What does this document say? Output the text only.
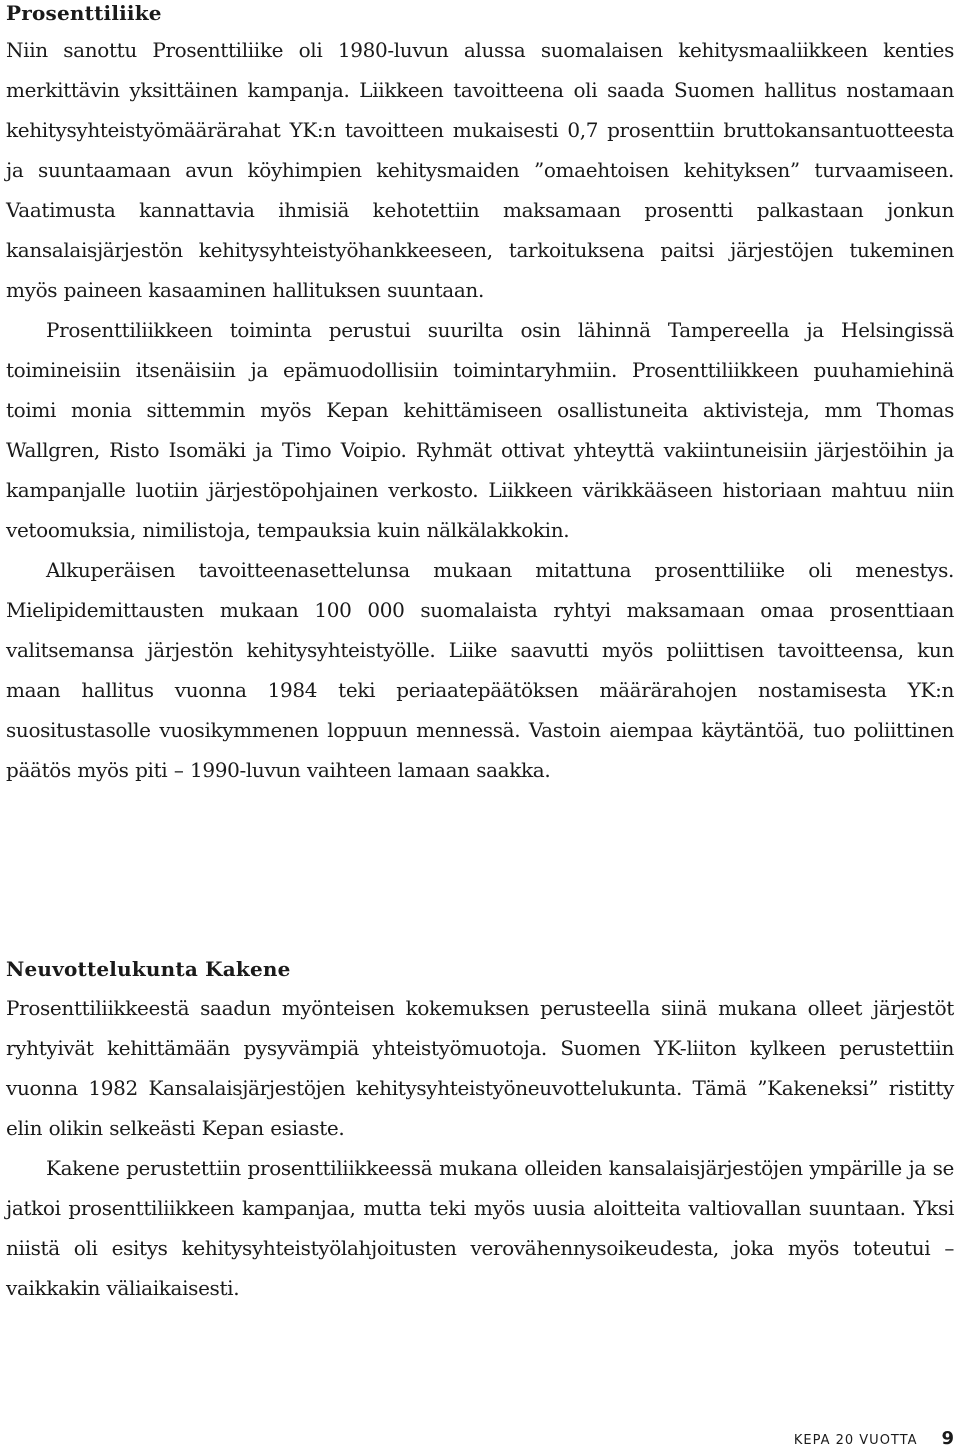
Prosenttiliike

Niin sanottu Prosenttiliike oli 1980-luvun alussa suomalaisen kehitysmaaliikkeen kenties merkittävin yksittäinen kampanja. Liikkeen tavoitteena oli saada Suomen hallitus nostamaan kehitysyhteistyömäärärahat YK:n tavoitteen mukaisesti 0,7 prosenttiin bruttokansantuotteesta ja suuntaamaan avun köyhimpien kehitysmaiden ”omaehtoisen kehityksen” turvaamiseen. Vaatimusta kannattavia ihmisiä kehotettiin maksamaan prosentti palkastaan jonkun kansalaisjärjestön kehitysyhteistyöhankkeeseen, tarkoituksena paitsi järjestöjen tukeminen myös paineen kasaaminen hallituksen suuntaan.

Prosenttiliikkeen toiminta perustui suurilta osin lähinnä Tampereella ja Helsingissä toimineisiin itsenäisiin ja epämuodollisiin toimintaryhmiin. Prosenttiliikkeen puuhamiehinä toimi monia sittemmin myös Kepan kehittämiseen osallistuneita aktivisteja, mm Thomas Wallgren, Risto Isomäki ja Timo Voipio. Ryhmät ottivat yhteyttä vakiintuneisiin järjestöihin ja kampanjalle luotiin järjestöpohjainen verkosto. Liikkeen värikkääseen historiaan mahtuu niin vetoomuksia, nimilistoja, tempauksia kuin nälkälakkokin.

Alkuperäisen tavoitteenasettelunsa mukaan mitattuna prosenttiliike oli menestys. Mielipidemittausten mukaan 100 000 suomalaista ryhtyi maksamaan omaa prosenttiaan valitsemansa järjestön kehitysyhteistyölle. Liike saavutti myös poliittisen tavoitteensa, kun maan hallitus vuonna 1984 teki periaatepäätöksen määrärahojen nostamisesta YK:n suositustasolle vuosikymmenen loppuun mennessä. Vastoin aiempaa käytäntöä, tuo poliittinen päätös myös piti – 1990-luvun vaihteen lamaan saakka.

Neuvottelukunta Kakene

Prosenttiliikkeestä saadun myönteisen kokemuksen perusteella siinä mukana olleet järjestöt ryhtyivät kehittämään pysyvämpiä yhteistyömuotoja. Suomen YK-liiton kylkeen perustettiin vuonna 1982 Kansalaisjärjestöjen kehitysyhteistyöneuvottelukunta. Tämä ”Kakeneksi” ristitty elin olikin selkeästi Kepan esiaste.

Kakene perustettiin prosenttiliikkeessä mukana olleiden kansalaisjärjestöjen ympärille ja se jatkoi prosenttiliikkeen kampanjaa, mutta teki myös uusia aloitteita valtiovallan suuntaan. Yksi niistä oli esitys kehitysyhteistyölahjoitusten verovähennysoikeudesta, joka myös toteutui – vaikkakin väliaikaisesti.

KEPA 20 VUOTTA 9
